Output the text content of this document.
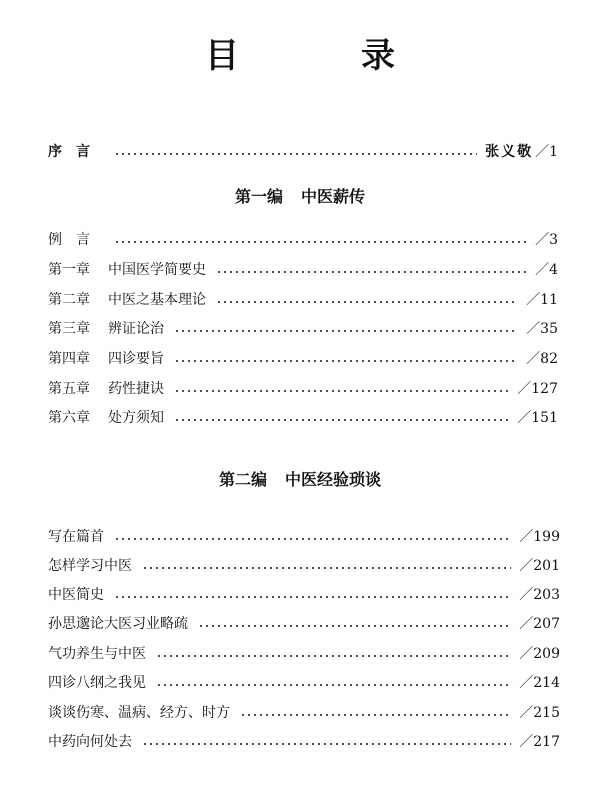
目　录
序言	张义敬 ／1
第一编 中医薪传
例言	／3
第一章 中国医学简要史	／4
第二章 中医之基本理论	／11
第三章 辨证论治	／35
第四章 四诊要旨	／82
第五章 药性捷诀	／127
第六章 处方须知	／151
第二编 中医经验琐谈
写在篇首	／199
怎样学习中医	／201
中医简史	／203
孙思邈论大医习业略疏	／207
气功养生与中医	／209
四诊八纲之我见	／214
谈谈伤寒、温病、经方、时方	／215
中药向何处去	／217
